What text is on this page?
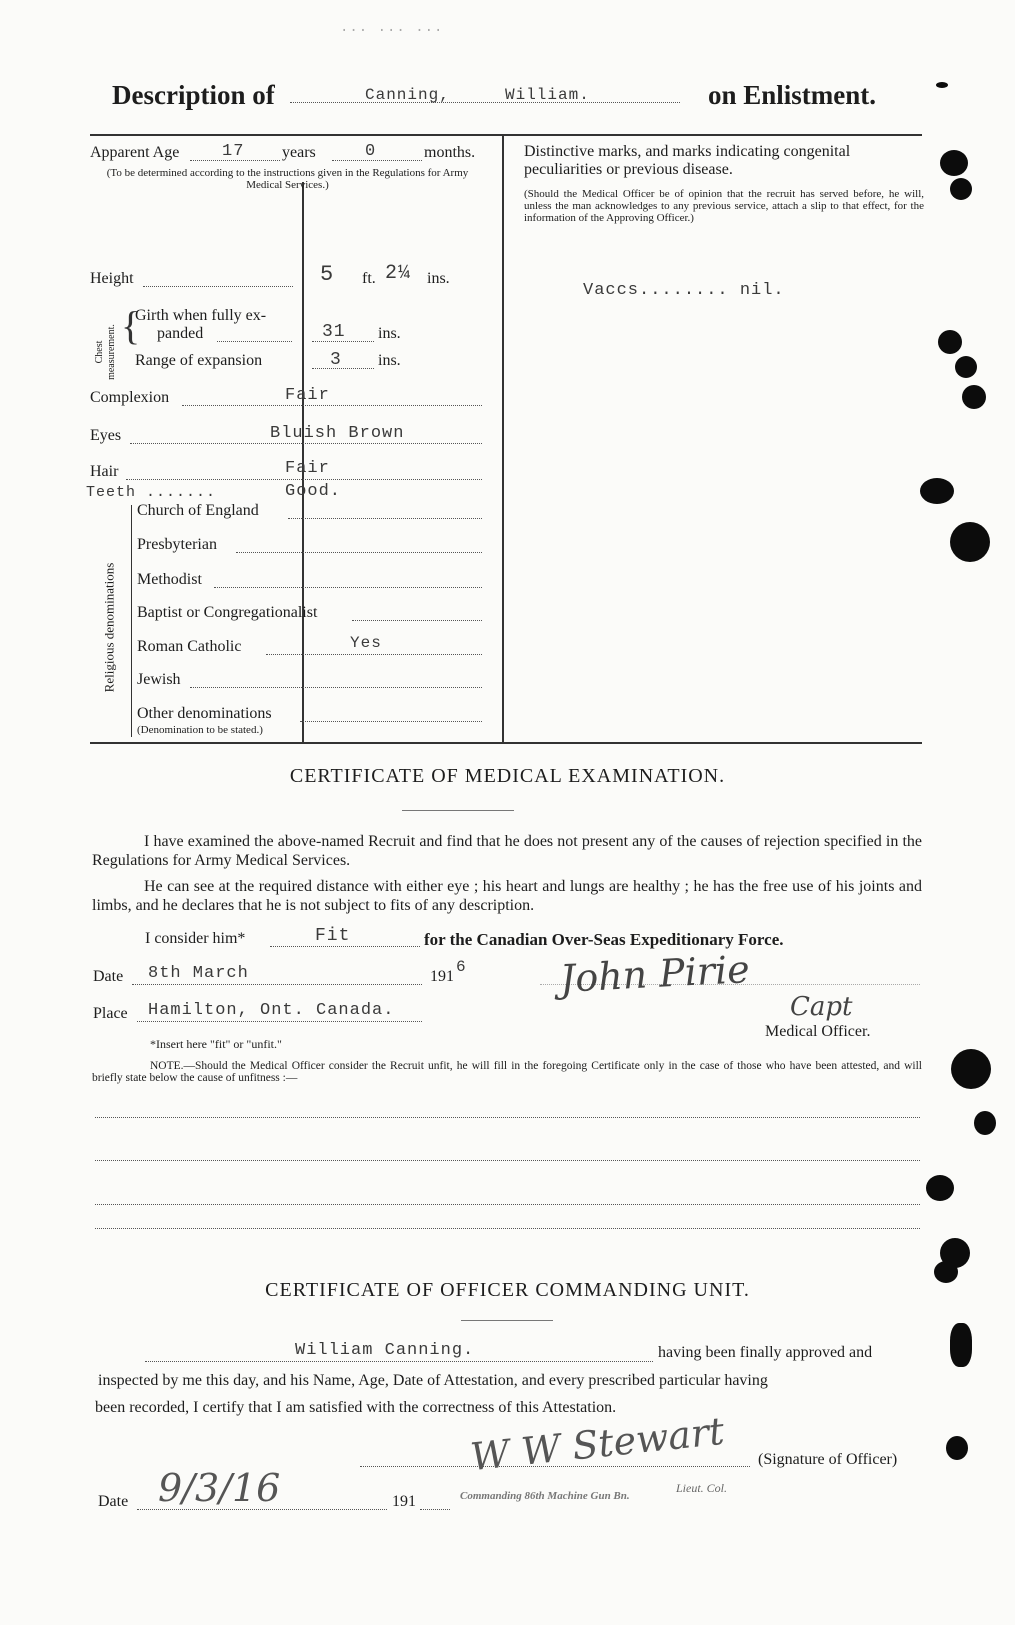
... ... ...
Description of	Canning,	William.	on Enlistment.
Apparent Age	17 years	0	months.
(To be determined according to the instructions given in the Regulations for Army Medical Services.)
Height	5 ft. 2¼ ins.
Chest measurement. {
Girth when fully ex-
panded	31 ins.
Range of expansion	3 ins.
Complexion	Fair
Eyes	Bluish Brown
Hair	Fair
Teeth .......	Good.
Religious denominations
Church of England
Presbyterian
Methodist
Baptist or Congregationalist
Roman Catholic	Yes
Jewish
Other denominations
(Denomination to be stated.)
Distinctive marks, and marks indicating congenital peculiarities or previous disease.
(Should the Medical Officer be of opinion that the recruit has served before, he will, unless the man acknowledges to any previous service, attach a slip to that effect, for the information of the Approving Officer.)
Vaccs........ nil.
CERTIFICATE OF MEDICAL EXAMINATION.
I have examined the above-named Recruit and find that he does not present any of the causes of rejection specified in the Regulations for Army Medical Services.
He can see at the required distance with either eye ; his heart and lungs are healthy ; he has the free use of his joints and limbs, and he declares that he is not subject to fits of any description.
I consider him*	Fit	for the Canadian Over-Seas Expeditionary Force.
Date 8th March	191
6
Place Hamilton, Ont. Canada.
*Insert here "fit" or "unfit."
John Pirie
Capt
Medical Officer.
NOTE.—Should the Medical Officer consider the Recruit unfit, he will fill in the foregoing Certificate only in the case of those who have been attested, and will briefly state below the cause of unfitness :—
CERTIFICATE OF OFFICER COMMANDING UNIT.
William Canning.	having been finally approved and
inspected by me this day, and his Name, Age, Date of Attestation, and every prescribed particular having
been recorded, I certify that I am satisfied with the correctness of this Attestation.
W W Stewart (Signature of Officer)
Lieut. Col.
Commanding 86th Machine Gun Bn.
Date 9/3/16	191
